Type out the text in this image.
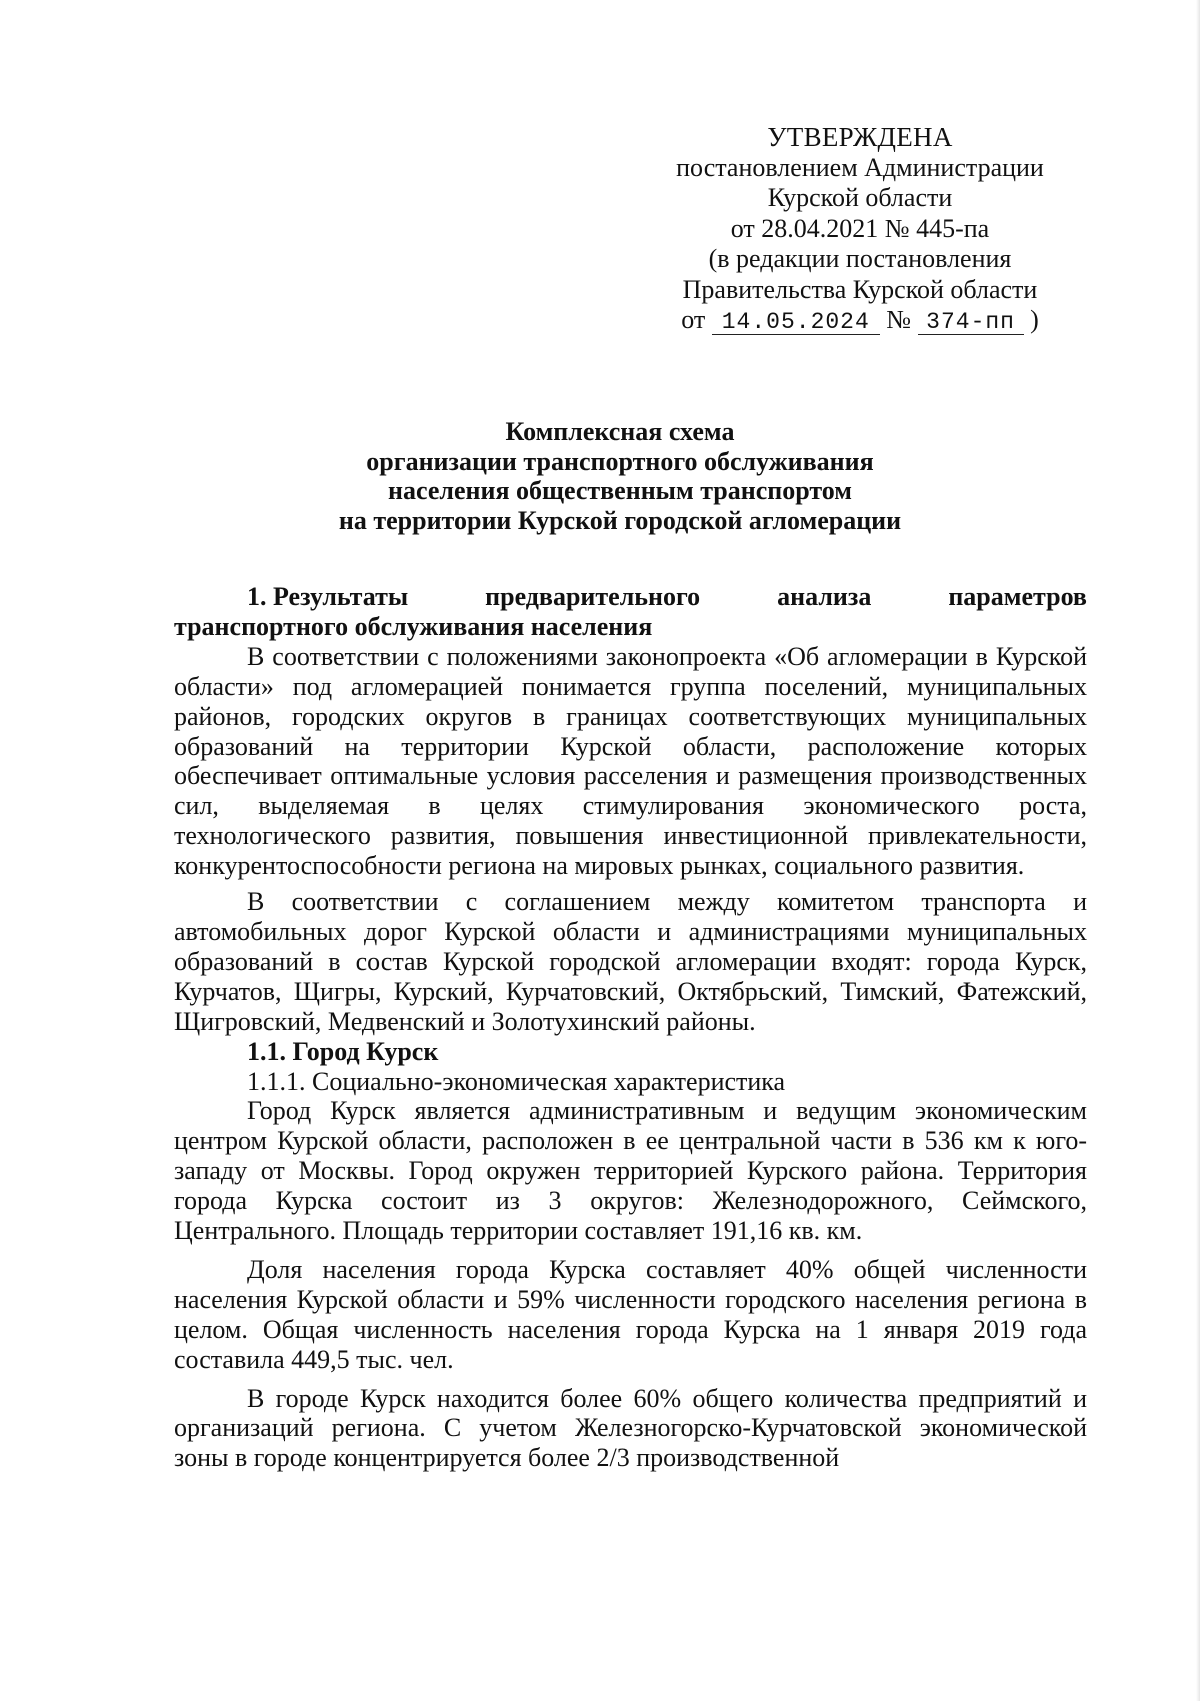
УТВЕРЖДЕНА
постановлением Администрации
Курской области
от 28.04.2021 № 445-па
(в редакции постановления
Правительства Курской области
от 14.05.2024 № 374-пп )
Комплексная схема
организации транспортного обслуживания
населения общественным транспортом
на территории Курской городской агломерации
1. Результаты	предварительного	анализа	параметров

транспортного обслуживания населения

В соответствии с положениями законопроекта «Об агломерации в Курской области» под агломерацией понимается группа поселений, муниципальных районов, городских округов в границах соответствующих муниципальных образований на территории Курской области, расположение которых обеспечивает оптимальные условия расселения и размещения производственных сил, выделяемая в целях стимулирования экономического роста, технологического развития, повышения инвестиционной привлекательности, конкурентоспособности региона на мировых рынках, социального развития.

В соответствии с соглашением между комитетом транспорта и автомобильных дорог Курской области и администрациями муниципальных образований в состав Курской городской агломерации входят: города Курск, Курчатов, Щигры, Курский, Курчатовский, Октябрьский, Тимский, Фатежский, Щигровский, Медвенский и Золотухинский районы.

1.1. Город Курск

1.1.1. Социально-экономическая характеристика

Город Курск является административным и ведущим экономическим центром Курской области, расположен в ее центральной части в 536 км к юго-западу от Москвы. Город окружен территорией Курского района. Территория города Курска состоит из 3 округов: Железнодорожного, Сеймского, Центрального. Площадь территории составляет 191,16 кв. км.

Доля населения города Курска составляет 40% общей численности населения Курской области и 59% численности городского населения региона в целом. Общая численность населения города Курска на 1 января 2019 года составила 449,5 тыс. чел.

В городе Курск находится более 60% общего количества предприятий и организаций региона. С учетом Железногорско-Курчатовской экономической зоны в городе концентрируется более 2/3 производственной
